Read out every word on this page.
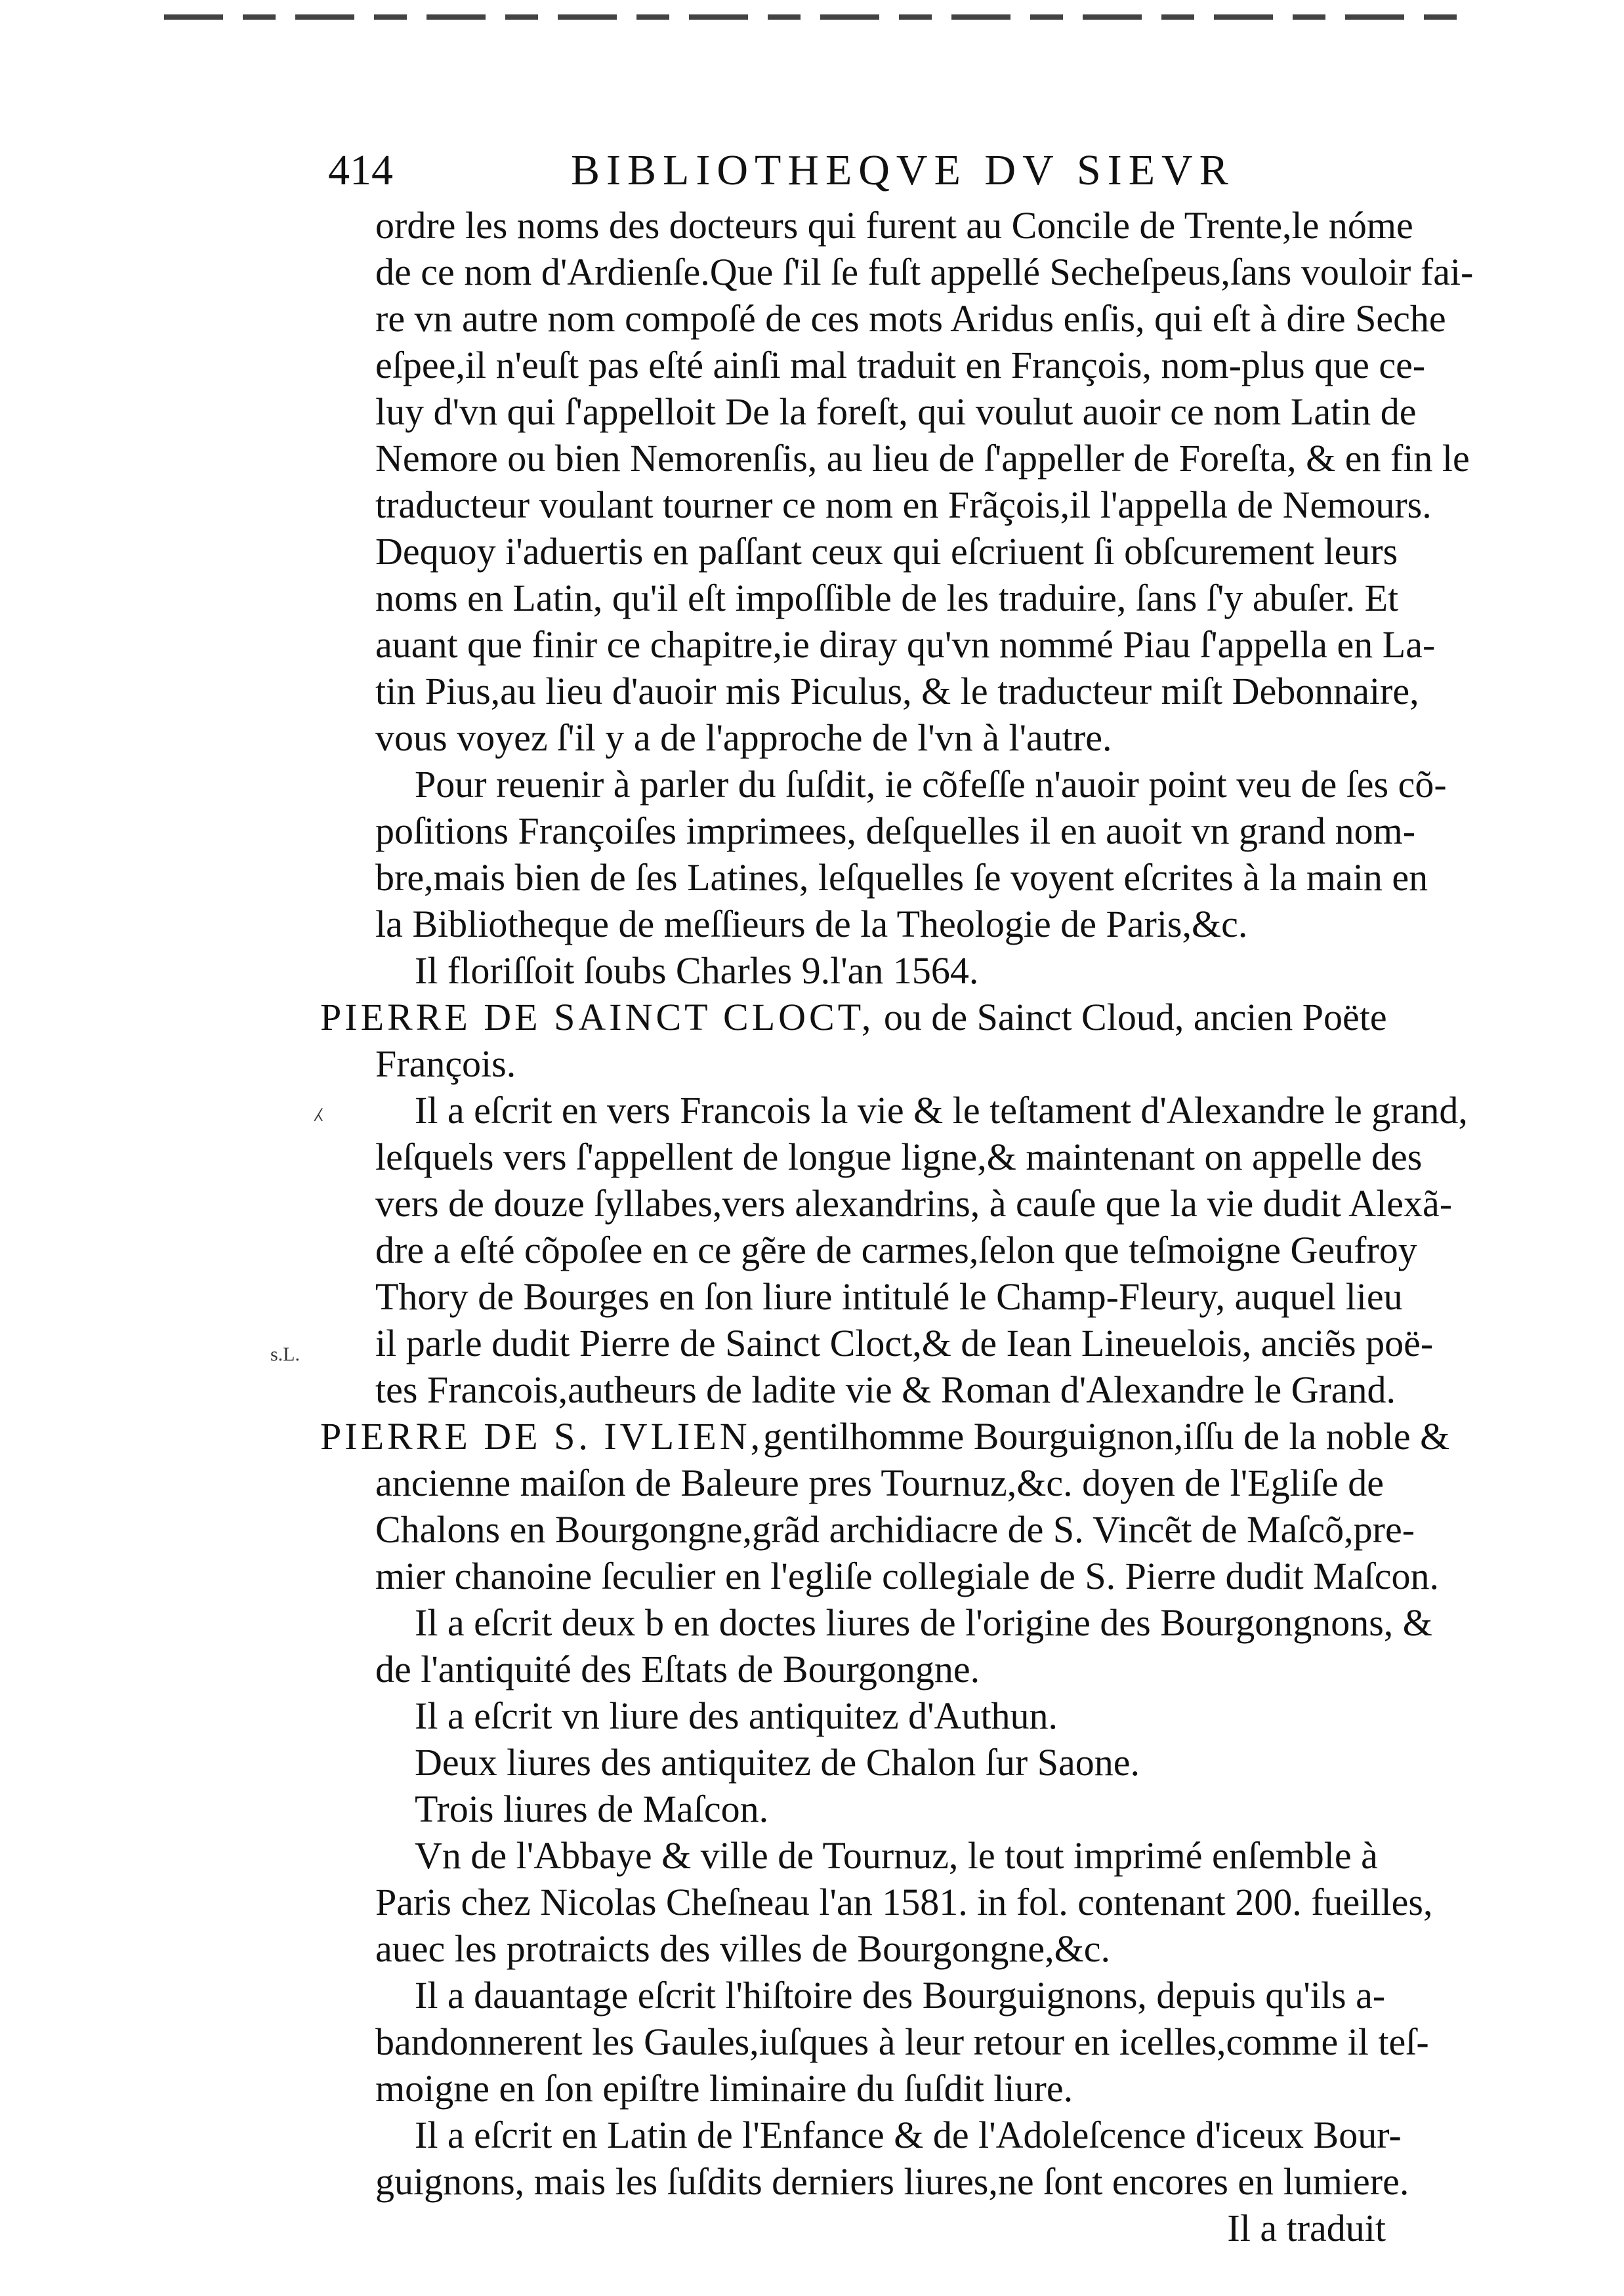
414	BIBLIOTHEQVE DV SIEVR
⁁
s.L.
ordre les noms des docteurs qui furent au Concile de Trente,le nóme
de ce nom d'Ardienſe.Que ſ'il ſe fuſt appellé Secheſpeus,ſans vouloir fai-
re vn autre nom compoſé de ces mots Aridus enſis, qui eſt à dire Seche
eſpee,il n'euſt pas eſté ainſi mal traduit en François, nom-plus que ce-
luy d'vn qui ſ'appelloit De la foreſt, qui voulut auoir ce nom Latin de
Nemore ou bien Nemorenſis, au lieu de ſ'appeller de Foreſta, & en fin le
traducteur voulant tourner ce nom en Frãçois,il l'appella de Nemours.
Dequoy i'aduertis en paſſant ceux qui eſcriuent ſi obſcurement leurs
noms en Latin, qu'il eſt impoſſible de les traduire, ſans ſ'y abuſer. Et
auant que finir ce chapitre,ie diray qu'vn nommé Piau ſ'appella en La-
tin Pius,au lieu d'auoir mis Piculus, & le traducteur miſt Debonnaire,
vous voyez ſ'il y a de l'approche de l'vn à l'autre.
Pour reuenir à parler du ſuſdit, ie cõfeſſe n'auoir point veu de ſes cõ-
poſitions Françoiſes imprimees, deſquelles il en auoit vn grand nom-
bre,mais bien de ſes Latines, leſquelles ſe voyent eſcrites à la main en
la Bibliotheque de meſſieurs de la Theologie de Paris,&c.
Il floriſſoit ſoubs Charles 9.l'an 1564.
PIERRE DE SAINCT CLOCT, ou de Sainct Cloud, ancien Poëte
François.
Il a eſcrit en vers Francois la vie & le teſtament d'Alexandre le grand,
leſquels vers ſ'appellent de longue ligne,& maintenant on appelle des
vers de douze ſyllabes,vers alexandrins, à cauſe que la vie dudit Alexã-
dre a eſté cõpoſee en ce gẽre de carmes,ſelon que teſmoigne Geufroy
Thory de Bourges en ſon liure intitulé le Champ-Fleury, auquel lieu
il parle dudit Pierre de Sainct Cloct,& de Iean Lineuelois, anciẽs poë-
tes Francois,autheurs de ladite vie & Roman d'Alexandre le Grand.
PIERRE DE S. IVLIEN,gentilhomme Bourguignon,iſſu de la noble &
ancienne maiſon de Baleure pres Tournuz,&c. doyen de l'Egliſe de
Chalons en Bourgongne,grãd archidiacre de S. Vincẽt de Maſcõ,pre-
mier chanoine ſeculier en l'egliſe collegiale de S. Pierre dudit Maſcon.
Il a eſcrit deux b en doctes liures de l'origine des Bourgongnons, &
de l'antiquité des Eſtats de Bourgongne.
Il a eſcrit vn liure des antiquitez d'Authun.
Deux liures des antiquitez de Chalon ſur Saone.
Trois liures de Maſcon.
Vn de l'Abbaye & ville de Tournuz, le tout imprimé enſemble à
Paris chez Nicolas Cheſneau l'an 1581. in fol. contenant 200. fueilles,
auec les protraicts des villes de Bourgongne,&c.
Il a dauantage eſcrit l'hiſtoire des Bourguignons, depuis qu'ils a-
bandonnerent les Gaules,iuſques à leur retour en icelles,comme il teſ-
moigne en ſon epiſtre liminaire du ſuſdit liure.
Il a eſcrit en Latin de l'Enfance & de l'Adoleſcence d'iceux Bour-
guignons, mais les ſuſdits derniers liures,ne ſont encores en lumiere.
Il a traduit
